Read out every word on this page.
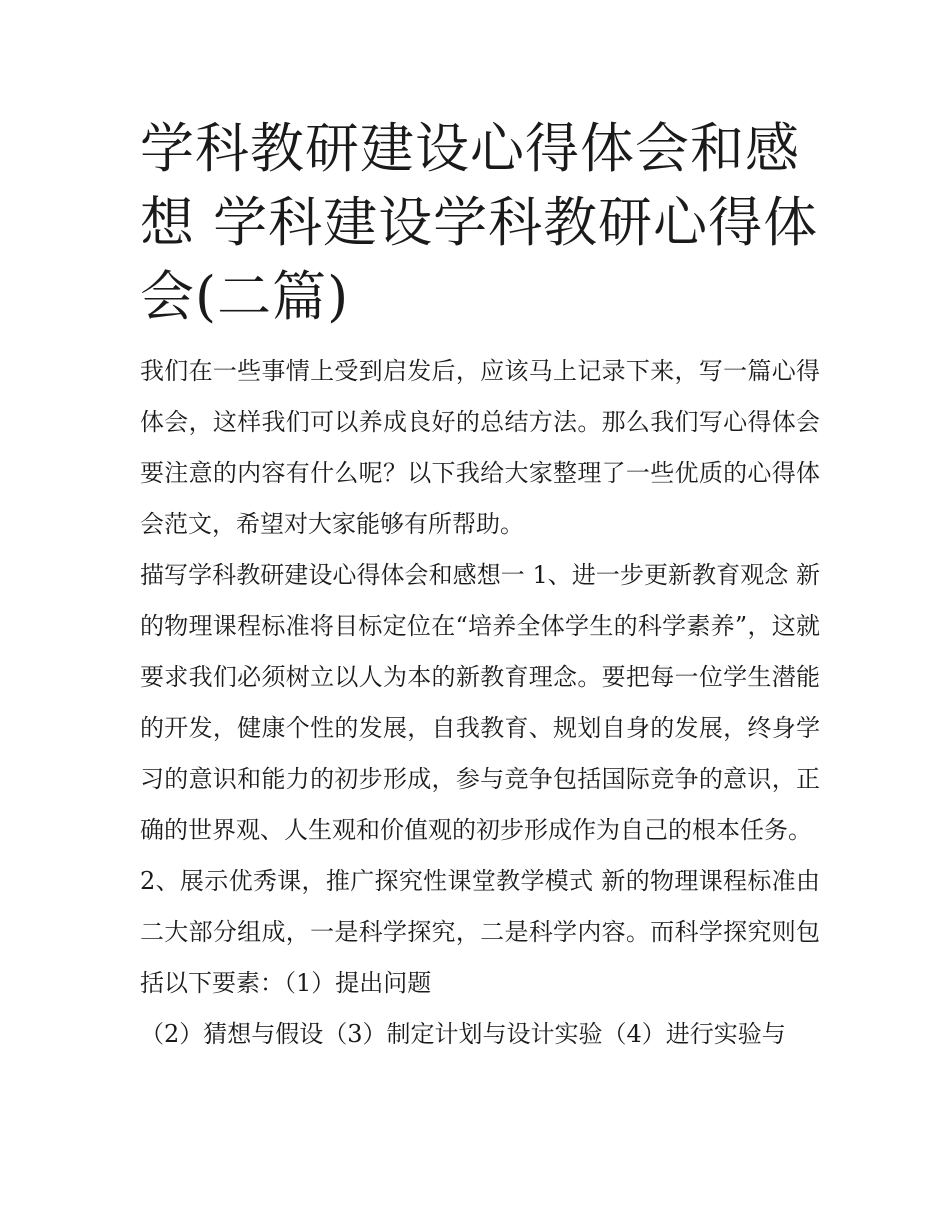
学科教研建设心得体会和感想 学科建设学科教研心得体会(二篇)

我们在一些事情上受到启发后，应该马上记录下来，写一篇心得体会，这样我们可以养成良好的总结方法。那么我们写心得体会要注意的内容有什么呢？以下我给大家整理了一些优质的心得体会范文，希望对大家能够有所帮助。

描写学科教研建设心得体会和感想一 1、进一步更新教育观念 新的物理课程标准将目标定位在“培养全体学生的科学素养”，这就要求我们必须树立以人为本的新教育理念。要把每一位学生潜能的开发，健康个性的发展，自我教育、规划自身的发展，终身学习的意识和能力的初步形成，参与竞争包括国际竞争的意识，正确的世界观、人生观和价值观的初步形成作为自己的根本任务。

2、展示优秀课，推广探究性课堂教学模式 新的物理课程标准由二大部分组成，一是科学探究，二是科学内容。而科学探究则包括以下要素：（1）提出问题

（2）猜想与假设（3）制定计划与设计实验（4）进行实验与
